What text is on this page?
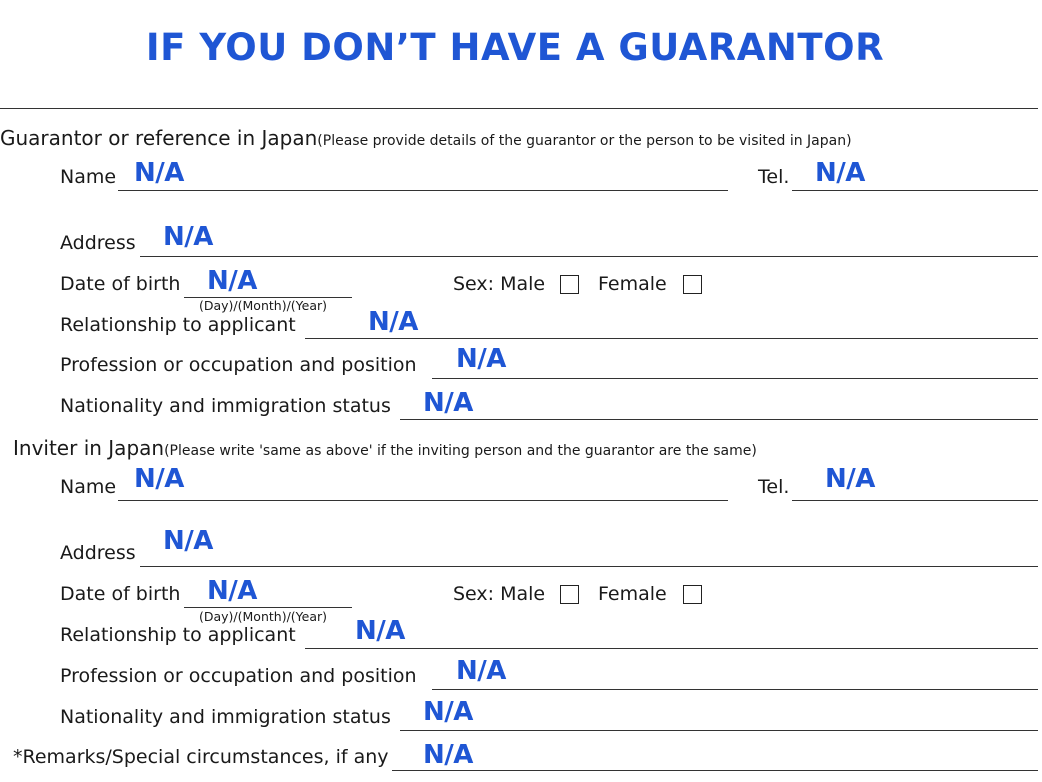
IF YOU DON’T HAVE A GUARANTOR
Guarantor or reference in Japan(Please provide details of the guarantor or the person to be visited in Japan)
Name N/A	Tel. N/A
Address N/A
Date of birth N/A
(Day)/(Month)/(Year)
Sex: Male	Female
Relationship to applicant	N/A
Profession or occupation and position N/A
Nationality and immigration status N/A
Inviter in Japan(Please write 'same as above' if the inviting person and the guarantor are the same)
Name N/A	Tel. N/A
Address N/A
Date of birth N/A
(Day)/(Month)/(Year)
Sex: Male	Female
Relationship to applicant N/A
Profession or occupation and position N/A
Nationality and immigration status N/A
*Remarks/Special circumstances, if any N/A
